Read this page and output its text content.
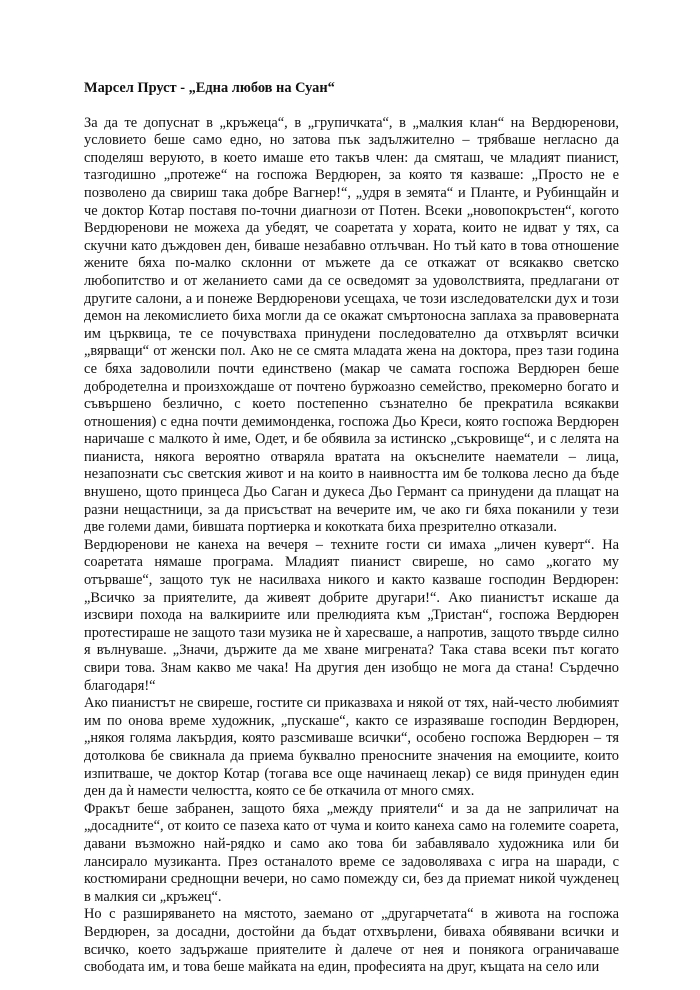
Марсел Пруст - „Една любов на Суан“

За да те допуснат в „кръжеца“, в „групичката“, в „малкия клан“ на Вердюренови, условието беше само едно, но затова пък задължително – трябваше неглaсно да споделяш веруюто, в което имаше ето такъв член: да смяташ, че младият пианист, тазгодишно „протеже“ на госпожа Вердюрен, за която тя казваше: „Просто не е позволено да свириш така добре Вагнер!“, „удря в земята“ и Планте, и Рубинщайн и че доктор Котар поставя по-точни диагнози от Потен. Всеки „новопокръстен“, когото Вердюренови не можеха да убедят, че соаретата у хората, които не идват у тях, са скучни като дъждовен ден, биваше незабавно отлъчван. Но тъй като в това отношение жените бяха по-малко склонни от мъжете да се откажат от всякакво светско любопитство и от желанието сами да се осведомят за удоволствията, предлагани от другите салони, а и понеже Вердюренови усещаха, че този изследователски дух и този демон на лекомислието биха могли да се окажат смъртоносна заплаха за правоверната им църквица, те се почувстваха принудени последователно да отхвърлят всички „вярващи“ от женски пол. Ако не се смята младата жена на доктора, през тази година се бяха задоволили почти единствено (макар че самата госпожа Вердюрен беше добродетелна и произхождаше от почтено буржоазно семейство, прекомерно богато и съвършено безлично, с което постепенно съзнателно бе прекратила всякакви отношения) с една почти демимонденка, госпожа Дьо Креси, която госпожа Вердюрен наричаше с малкото ѝ име, Одет, и бе обявила за истинско „съкровище“, и с лелята на пианиста, някога вероятно отваряла вратата на окъснелите наематели – лица, незапознати със светския живот и на които в наивността им бе толкова лесно да бъде внушено, щото принцеса Дьо Саган и дукеса Дьо Германт са принудени да плащат на разни нещастници, за да присъстват на вечерите им, че ако ги бяха поканили у тези две големи дами, бившата портиерка и кокотката биха презрително отказали.

Вердюренови не канеха на вечеря – техните гости си имаха „личен куверт“. На соаретата нямаше програма. Младият пианист свиреше, но само „когато му отърваше“, защото тук не насилваха никого и както казваше господин Вердюрен: „Всичко за приятелите, да живеят добрите другари!“. Ако пианистът искаше да изсвири похода на валкириите или прелюдията към „Тристан“, госпожа Вердюрен протестираше не защото тази музика не ѝ харесваше, а напротив, защото твърде силно я вълнуваше. „Значи, държите да ме хване мигрената? Така става всеки път когато свири това. Знам какво ме чака! На другия ден изобщо не мога да стана! Сърдечно благодаря!“

Ако пианистът не свиреше, гостите си приказваха и някой от тях, най-често любимият им по онова време художник, „пускаше“, както се изразяваше господин Вердюрен, „някоя голяма лакърдия, която разсмиваше всички“, особено госпожа Вердюрен – тя дотолкова бе свикнала да приема буквално преносните значения на емоциите, които изпитваше, че доктор Котар (тогава все още начинаещ лекар) се видя принуден един ден да ѝ намести челюстта, която се бе откачила от много смях.

Фракът беше забранен, защото бяха „между приятели“ и за да не заприличат на „досадните“, от които се пазеха като от чума и които канеха само на големите соарета, давани възможно най-рядко и само ако това би забавлявало художника или би лансирало музиканта. През останалото време се задоволяваха с игра на шаради, с костюмирани среднощни вечери, но само помежду си, без да приемат никой чужденец в малкия си „кръжец“.

Но с разширяването на мястото, заемано от „другарчетата“ в живота на госпожа Вердюрен, за досадни, достойни да бъдат отхвърлени, биваха обявявани всички и всичко, което задържаше приятелите ѝ далече от нея и понякога ограничаваше свободата им, и това беше майката на един, професията на друг, къщата на село или
